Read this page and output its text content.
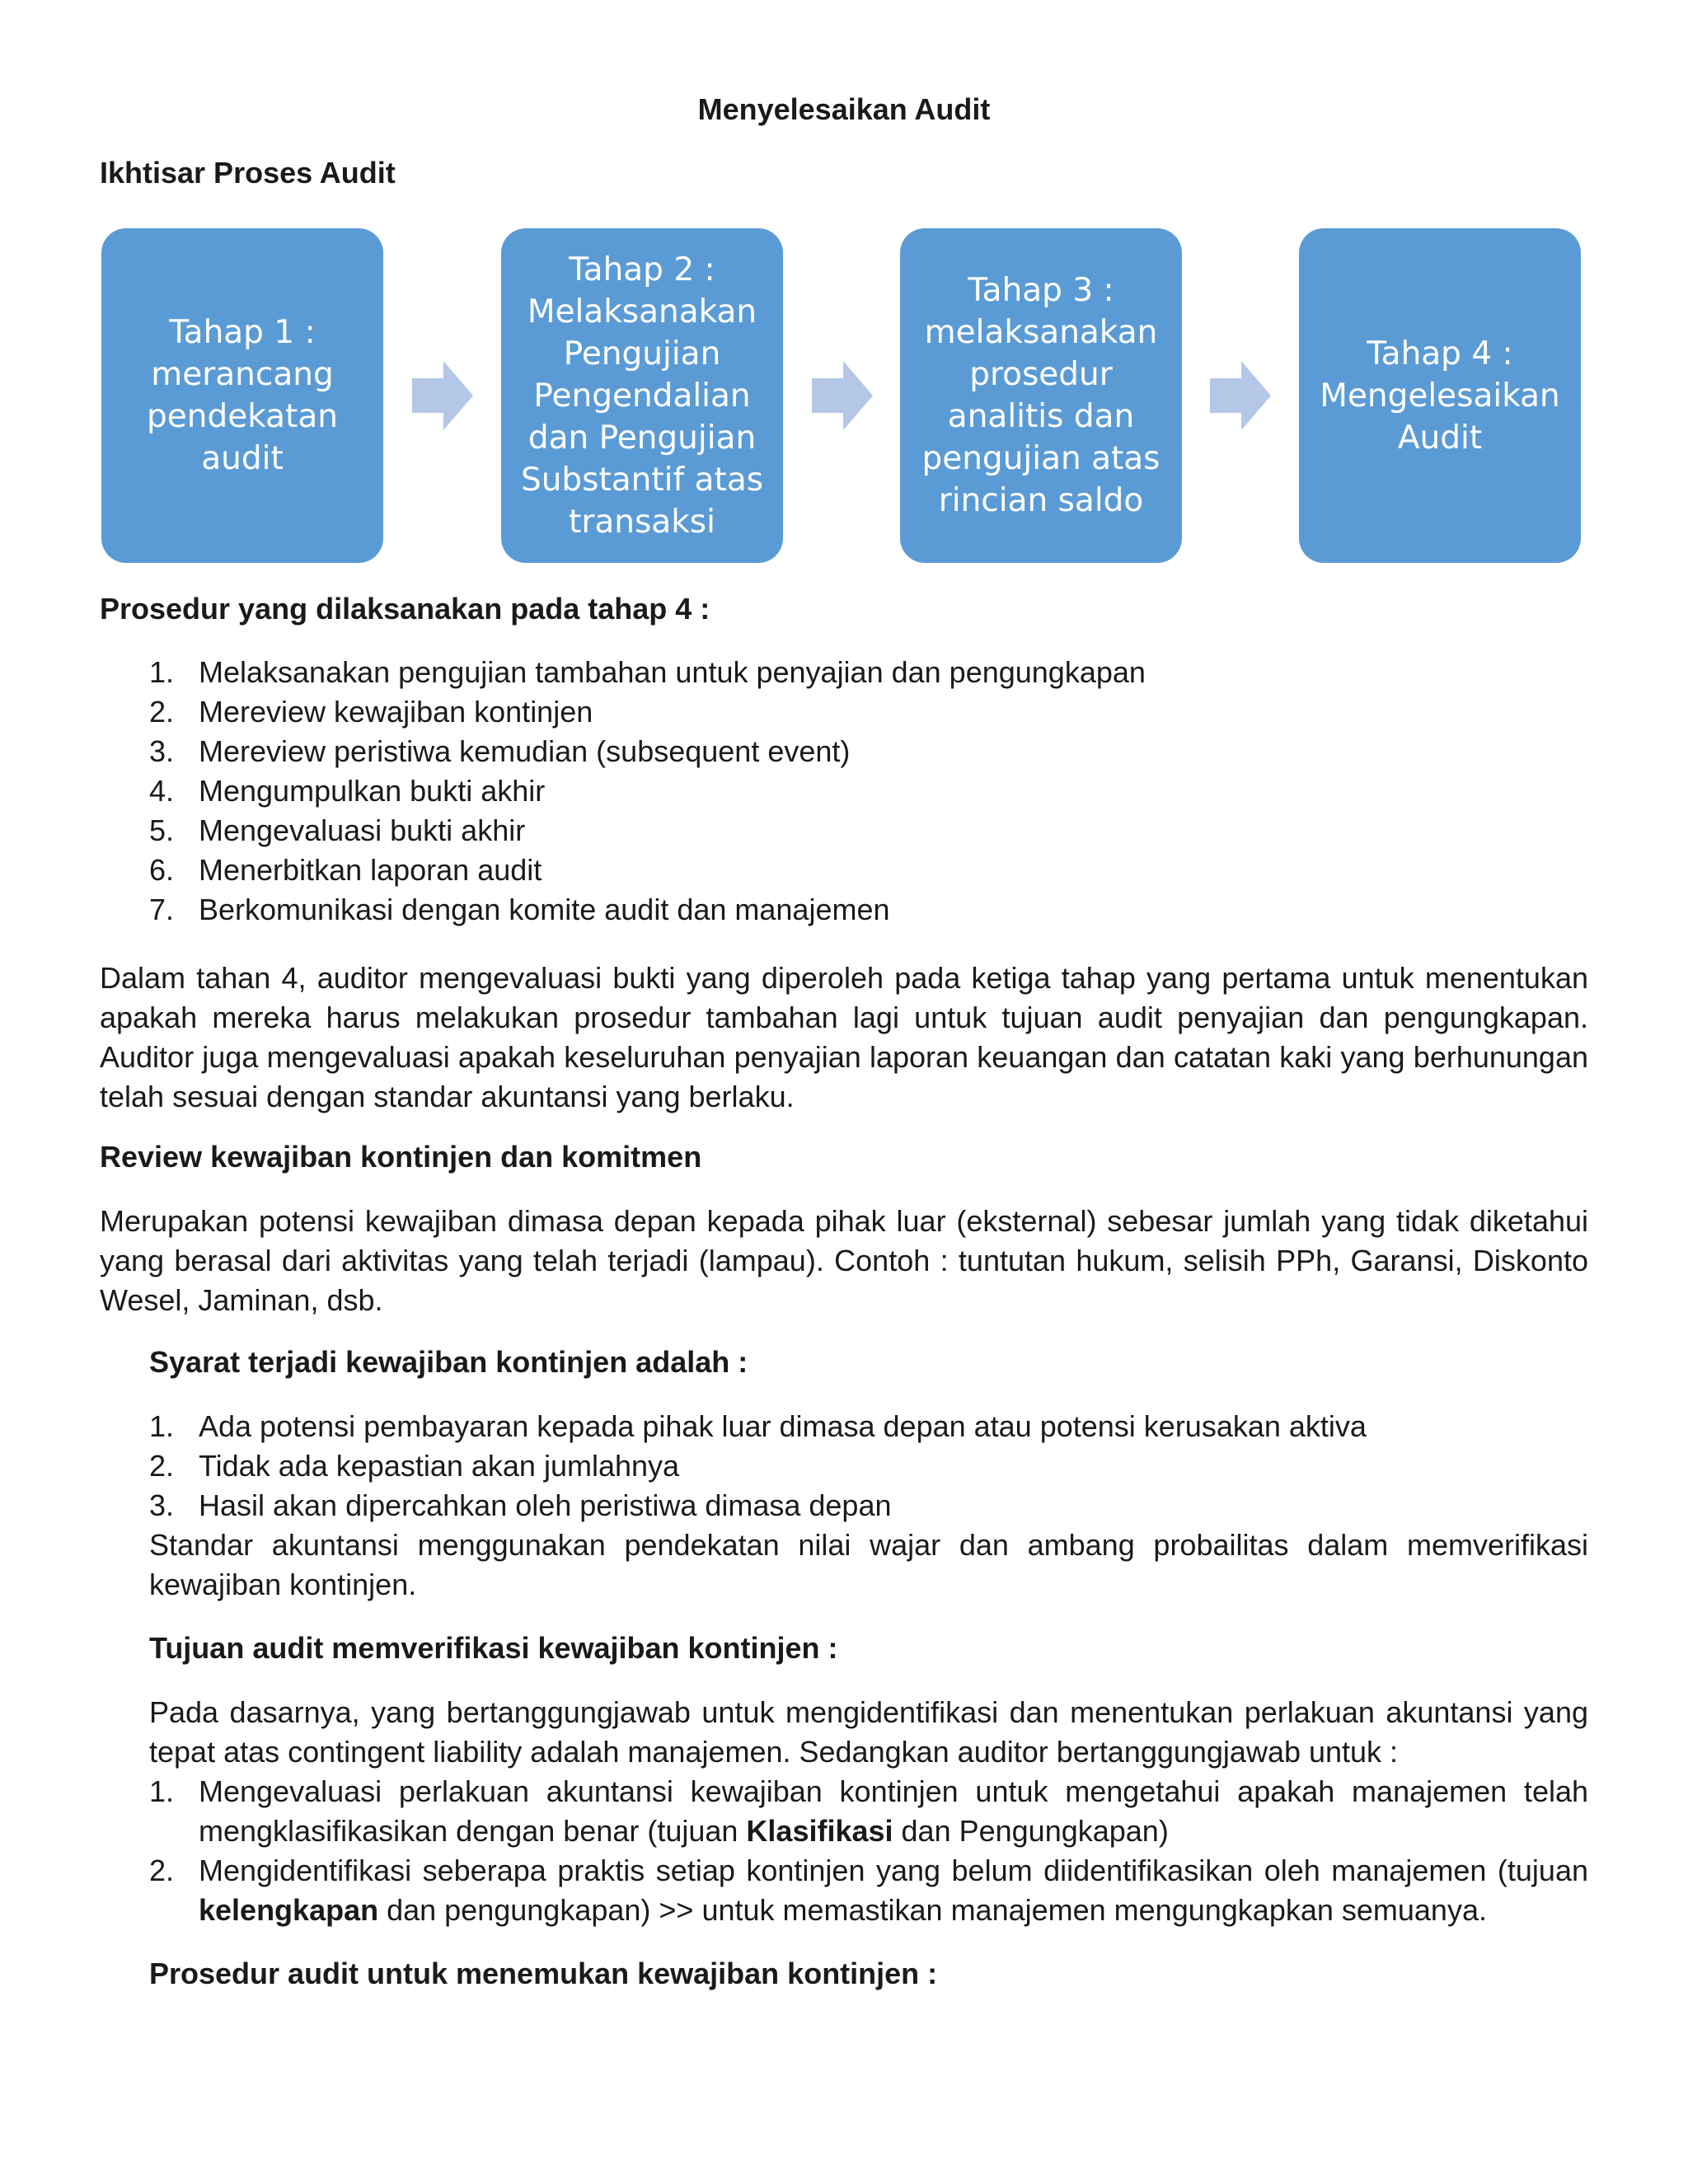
Menyelesaikan Audit
Ikhtisar Proses Audit
Tahap 1 : merancang pendekatan audit
Tahap 2 : Melaksanakan Pengujian Pengendalian dan Pengujian Substantif atas transaksi
Tahap 3 : melaksanakan prosedur analitis dan pengujian atas rincian saldo
Tahap 4 : Mengelesaikan Audit
Prosedur yang dilaksanakan pada tahap 4 :
1. Melaksanakan pengujian tambahan untuk penyajian dan pengungkapan
2. Mereview kewajiban kontinjen
3. Mereview peristiwa kemudian (subsequent event)
4. Mengumpulkan bukti akhir
5. Mengevaluasi bukti akhir
6. Menerbitkan laporan audit
7. Berkomunikasi dengan komite audit dan manajemen

Dalam tahan 4, auditor mengevaluasi bukti yang diperoleh pada ketiga tahap yang pertama untuk menentukan apakah mereka harus melakukan prosedur tambahan lagi untuk tujuan audit penyajian dan pengungkapan. Auditor juga mengevaluasi apakah keseluruhan penyajian laporan keuangan dan catatan kaki yang berhunungan telah sesuai dengan standar akuntansi yang berlaku.

Review kewajiban kontinjen dan komitmen

Merupakan potensi kewajiban dimasa depan kepada pihak luar (eksternal) sebesar jumlah yang tidak diketahui yang berasal dari aktivitas yang telah terjadi (lampau). Contoh : tuntutan hukum, selisih PPh, Garansi, Diskonto Wesel, Jaminan, dsb.

Syarat terjadi kewajiban kontinjen adalah :
1. Ada potensi pembayaran kepada pihak luar dimasa depan atau potensi kerusakan aktiva
2. Tidak ada kepastian akan jumlahnya
3. Hasil akan dipercahkan oleh peristiwa dimasa depan

Standar akuntansi menggunakan pendekatan nilai wajar dan ambang probailitas dalam memverifikasi kewajiban kontinjen.

Tujuan audit memverifikasi kewajiban kontinjen :

Pada dasarnya, yang bertanggungjawab untuk mengidentifikasi dan menentukan perlakuan akuntansi yang tepat atas contingent liability adalah manajemen. Sedangkan auditor bertanggungjawab untuk :

1. Mengevaluasi perlakuan akuntansi kewajiban kontinjen untuk mengetahui apakah manajemen telah mengklasifikasikan dengan benar (tujuan Klasifikasi dan Pengungkapan)
2. Mengidentifikasi seberapa praktis setiap kontinjen yang belum diidentifikasikan oleh manajemen (tujuan kelengkapan dan pengungkapan) >> untuk memastikan manajemen mengungkapkan semuanya.
Prosedur audit untuk menemukan kewajiban kontinjen :
